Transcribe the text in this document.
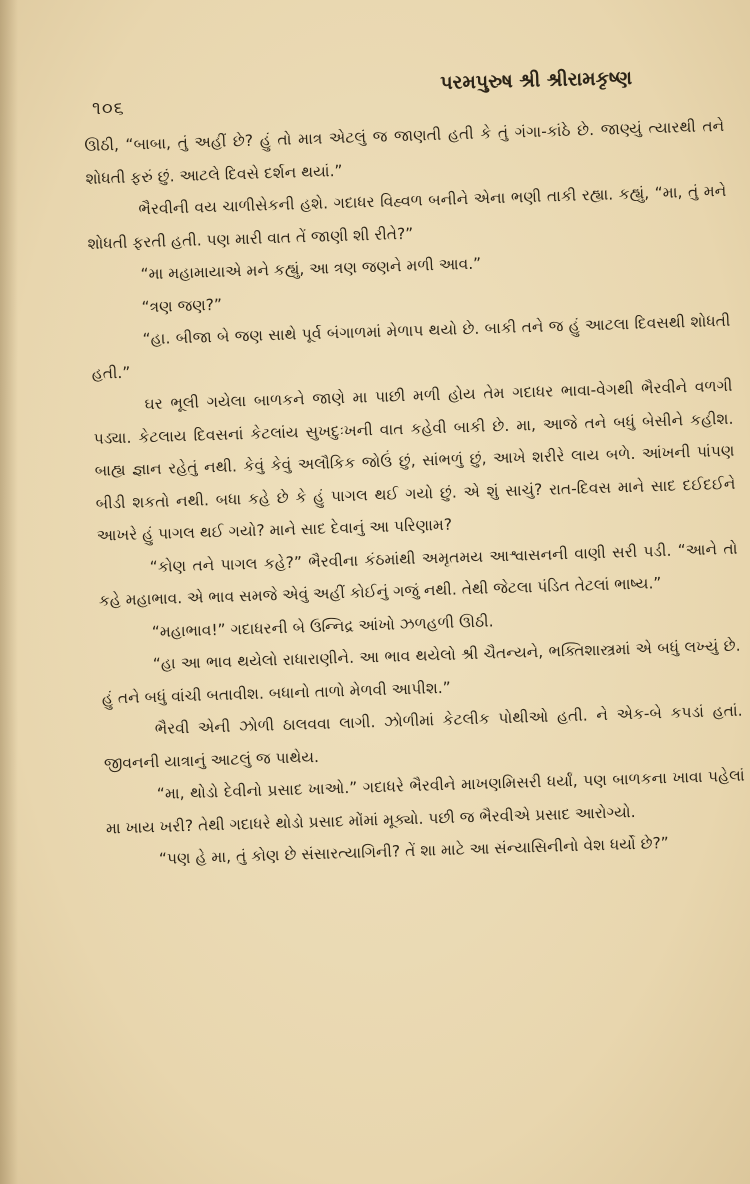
૧૦૬
પરમપુરુષ શ્રી શ્રીરામકૃષ્ણ

ઊઠી, “બાબા, તું અહીં છે? હું તો માત્ર એટલું જ જાણતી હતી કે તું ગંગા-કાંઠે છે. જાણ્યું ત્યારથી તને શોધતી ફરું છું. આટલે દિવસે દર્શન થયાં.”

ભૈરવીની વય ચાળીસેકની હશે. ગદાધર વિહ્વળ બનીને એના ભણી તાકી રહ્યા. કહ્યું, “મા, તું મને શોધતી ફરતી હતી. પણ મારી વાત તેં જાણી શી રીતે?”

“મા મહામાયાએ મને કહ્યું, આ ત્રણ જણને મળી આવ.”

“ત્રણ જણ?”

“હા. બીજા બે જણ સાથે પૂર્વ બંગાળમાં મેળાપ થયો છે. બાકી તને જ હું આટલા દિવસથી શોધતી હતી.”

ઘર ભૂલી ગયેલા બાળકને જાણે મા પાછી મળી હોય તેમ ગદાધર ભાવા-વેગથી ભૈરવીને વળગી પડ્યા. કેટલાય દિવસનાં કેટલાંય સુખદુઃખની વાત કહેવી બાકી છે. મા, આજે તને બધું બેસીને કહીશ. બાહ્ય જ્ઞાન રહેતું નથી. કેવું કેવું અલૌકિક જોઉં છું, સાંભળું છું, આખે શરીરે લાય બળે. આંખની પાંપણ બીડી શકતો નથી. બધા કહે છે કે હું પાગલ થઈ ગયો છું. એ શું સાચું? રાત-દિવસ માને સાદ દઈદઈને આખરે હું પાગલ થઈ ગયો? માને સાદ દેવાનું આ પરિણામ?

“કોણ તને પાગલ કહે?” ભૈરવીના કંઠમાંથી અમૃતમય આશ્વાસનની વાણી સરી પડી. “આને તો કહે મહાભાવ. એ ભાવ સમજે એવું અહીં કોઈનું ગજું નથી. તેથી જેટલા પંડિત તેટલાં ભાષ્ય.”

“મહાભાવ!” ગદાધરની બે ઉન્નિદ્ર આંખો ઝળહળી ઊઠી.

“હા આ ભાવ થયેલો રાધારાણીને. આ ભાવ થયેલો શ્રી ચૈતન્યને, ભક્તિશાસ્ત્રમાં એ બધું લખ્યું છે. હું તને બધું વાંચી બતાવીશ. બધાનો તાળો મેળવી આપીશ.”

ભૈરવી એની ઝોળી ઠાલવવા લાગી. ઝોળીમાં કેટલીક પોથીઓ હતી. ને એક-બે કપડાં હતાં. જીવનની યાત્રાનું આટલું જ પાથેય.

“મા, થોડો દેવીનો પ્રસાદ ખાઓ.” ગદાધરે ભૈરવીને માખણમિસરી ધર્યાં, પણ બાળકના ખાવા પહેલાં મા ખાય ખરી? તેથી ગદાધરે થોડો પ્રસાદ મોંમાં મૂક્યો. પછી જ ભૈરવીએ પ્રસાદ આરોગ્યો.

“પણ હે મા, તું કોણ છે સંસારત્યાગિની? તેં શા માટે આ સંન્યાસિનીનો વેશ ધર્યો છે?”
